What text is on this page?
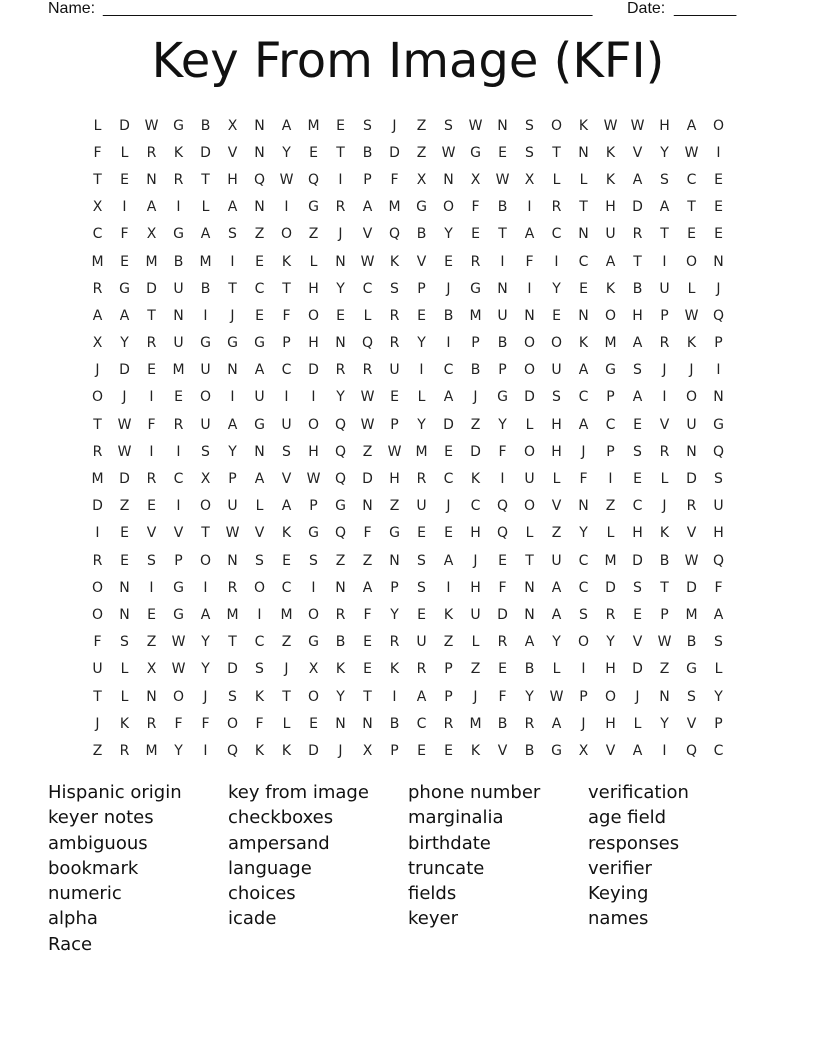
Name: _______________________________________________________ Date: _______
Key From Image (KFI)
L	D	W	G	B	X	N	A	M	E	S	J	Z	S	W	N	S	O	K	W W	H	A	O
F	L	R	K	D	V	N	Y	E	T	B	D	Z	W	G	E	S	T	N	K	V	Y	W	I
T	E	N	R	T	H	Q	W	Q	I	P	F	X	N	X	W	X	L	L	K	A	S	C	E
X	I	A	I	L	A	N	I	G	R	A	M	G	O	F	B	I	R	T	H	D	A	T	E
C	F	X	G	A	S	Z	O	Z	J	V	Q	B	Y	E	T	A	C	N	U	R	T	E	E
M	E	M	B	M	I	E	K	L	N	W	K	V	E	R	I	F	I	C	A	T	I	O	N
R	G	D	U	B	T	C	T	H	Y	C	S	P	J	G	N	I	Y	E	K	B	U	L	J
A	A	T	N	I	J	E	F	O	E	L	R	E	B	M	U	N	E	N	O	H	P	W	Q
X	Y	R	U	G	G	G	P	H	N	Q	R	Y	I	P	B	O	O	K	M	A	R	K	P
J	D	E	M	U	N	A	C	D	R	R	U	I	C	B	P	O	U	A	G	S	J	J	I
O	J	I	E	O	I	U	I	I	Y	W	E	L	A	J	G	D	S	C	P	A	I	O	N
T	W	F	R	U	A	G	U	O	Q	W	P	Y	D	Z	Y	L	H	A	C	E	V	U	G
R	W	I	I	S	Y	N	S	H	Q	Z	W	M	E	D	F	O	H	J	P	S	R	N	Q
M	D	R	C	X	P	A	V	W	Q	D	H	R	C	K	I	U	L	F	I	E	L	D	S
D	Z	E	I	O	U	L	A	P	G	N	Z	U	J	C	Q	O	V	N	Z	C	J	R	U
I	E	V	V	T	W	V	K	G	Q	F	G	E	E	H	Q	L	Z	Y	L	H	K	V	H
R	E	S	P	O	N	S	E	S	Z	Z	N	S	A	J	E	T	U	C	M	D	B	W	Q
O	N	I	G	I	R	O	C	I	N	A	P	S	I	H	F	N	A	C	D	S	T	D	F
O	N	E	G	A	M	I	M	O	R	F	Y	E	K	U	D	N	A	S	R	E	P	M	A
F	S	Z	W	Y	T	C	Z	G	B	E	R	U	Z	L	R	A	Y	O	Y	V	W	B	S
U	L	X	W	Y	D	S	J	X	K	E	K	R	P	Z	E	B	L	I	H	D	Z	G	L
T	L	N	O	J	S	K	T	O	Y	T	I	A	P	J	F	Y	W	P	O	J	N	S	Y
J	K	R	F	F	O	F	L	E	N	N	B	C	R	M	B	R	A	J	H	L	Y	V	P
Z	R	M	Y	I	Q	K	K	D	J	X	P	E	E	K	V	B	G	X	V	A	I	Q	C
Hispanic origin
keyer notes
ambiguous
bookmark
numeric
alpha
Race
key from image
checkboxes
ampersand
language
choices
icade
phone number
marginalia
birthdate
truncate
fields
keyer
verification
age field
responses
verifier
Keying
names
